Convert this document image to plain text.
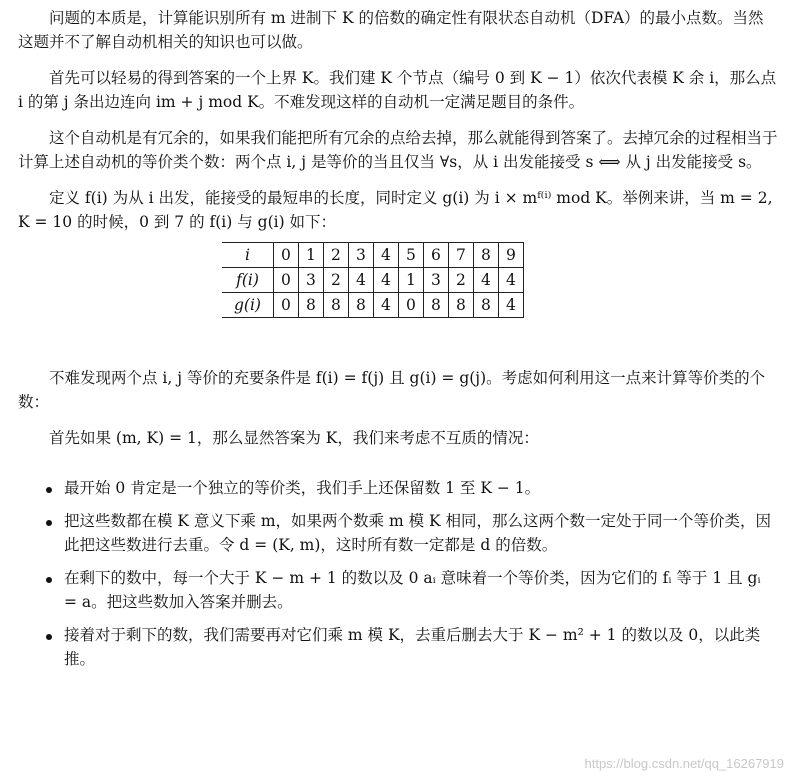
问题的本质是，计算能识别所有 m 进制下 K 的倍数的确定性有限状态自动机（DFA）的最小点数。当然这题并不了解自动机相关的知识也可以做。

首先可以轻易的得到答案的一个上界 K。我们建 K 个节点（编号 0 到 K − 1）依次代表模 K 余 i，那么点 i 的第 j 条出边连向 im + j mod K。不难发现这样的自动机一定满足题目的条件。

这个自动机是有冗余的，如果我们能把所有冗余的点给去掉，那么就能得到答案了。去掉冗余的过程相当于计算上述自动机的等价类个数：两个点 i, j 是等价的当且仅当 ∀s，从 i 出发能接受 s ⟺ 从 j 出发能接受 s。

定义 f(i) 为从 i 出发，能接受的最短串的长度，同时定义 g(i) 为 i × mᶠ⁽ⁱ⁾ mod K。举例来讲，当 m = 2, K = 10 的时候，0 到 7 的 f(i) 与 g(i) 如下：

i	0	1	2	3	4	5	6	7	8	9
f(i)	0	3	2	4	4	1	3	2	4	4
g(i)	0	8	8	8	4	0	8	8	8	4

不难发现两个点 i, j 等价的充要条件是 f(i) = f(j) 且 g(i) = g(j)。考虑如何利用这一点来计算等价类的个数：

首先如果 (m, K) = 1，那么显然答案为 K，我们来考虑不互质的情况：

最开始 0 肯定是一个独立的等价类，我们手上还保留数 1 至 K − 1。
把这些数都在模 K 意义下乘 m，如果两个数乘 m 模 K 相同，那么这两个数一定处于同一个等价类，因此把这些数进行去重。令 d = (K, m)，这时所有数一定都是 d 的倍数。
在剩下的数中，每一个大于 K − m + 1 的数以及 0 aᵢ 意味着一个等价类，因为它们的 fᵢ 等于 1 且 gᵢ = a。把这些数加入答案并删去。
接着对于剩下的数，我们需要再对它们乘 m 模 K，去重后删去大于 K − m² + 1 的数以及 0，以此类推。
https://blog.csdn.net/qq_16267919
